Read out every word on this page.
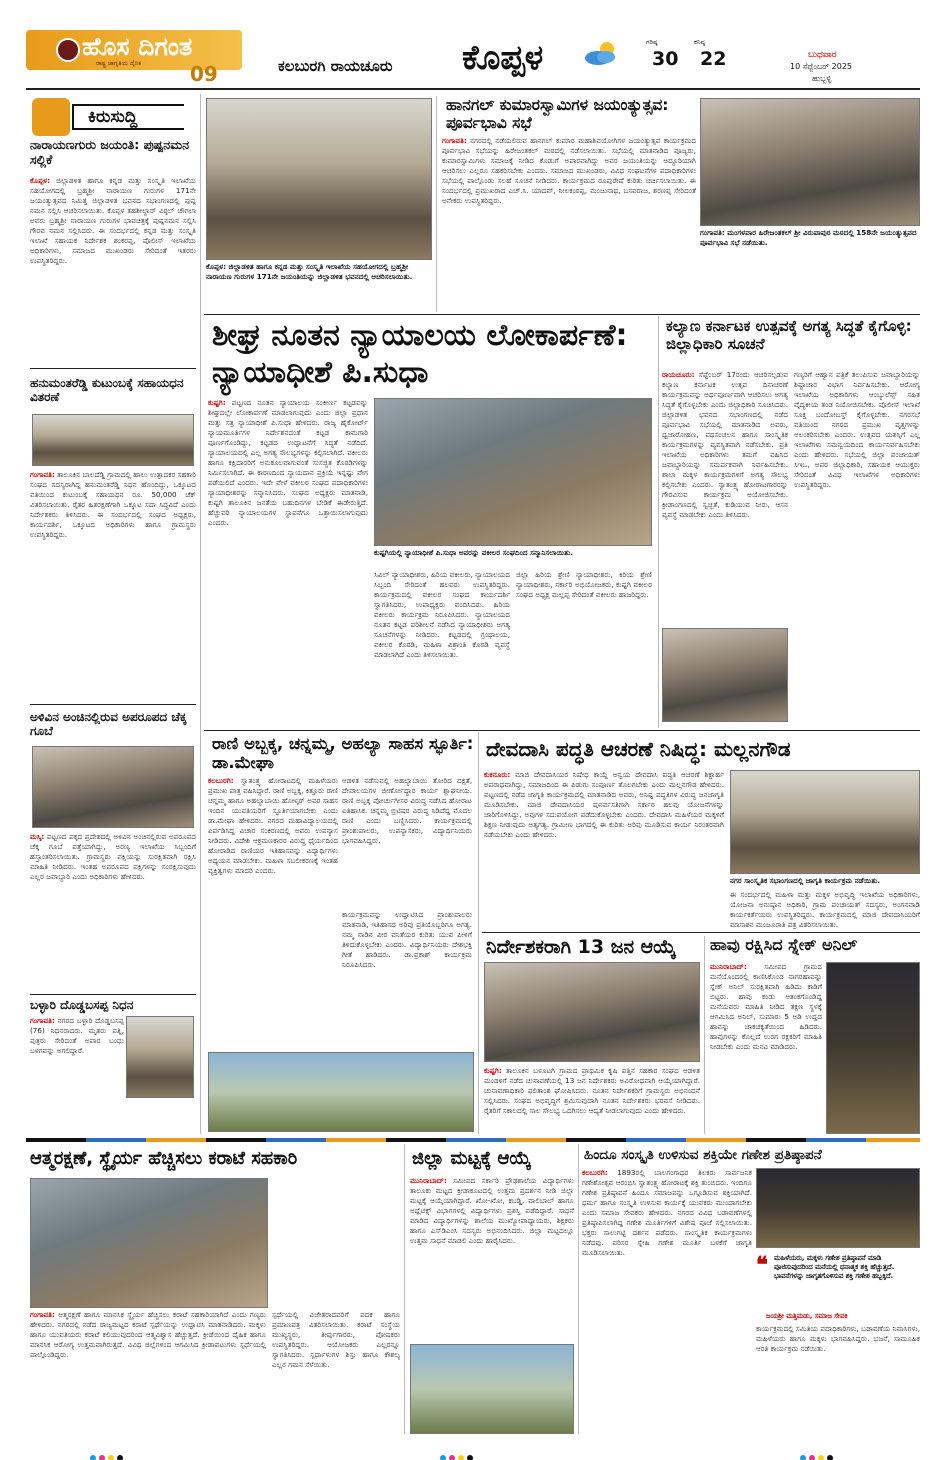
ಹೊಸ ದಿಗಂತ
ರಾಷ್ಟ್ರ ಜಾಗೃತಿಯ ದೈನಿಕ 09	ಕಲಬುರಗಿ ರಾಯಚೂರು ಕೊಪ್ಪಳ	ಗರಿಷ್ಠ
30
ಕನಿಷ್ಠ
22	ಬುಧವಾರ
10 ಸೆಪ್ಟೆಂಬರ್ 2025
ಹುಬ್ಬಳ್ಳಿ
ಕಿರುಸುದ್ದಿ
ನಾರಾಯಣಗುರು ಜಯಂತಿ: ಪುಷ್ಪನಮನ ಸಲ್ಲಿಕೆ
ಕೊಪ್ಪಳ: ಜಿಲ್ಲಾಡಳಿತ ಹಾಗೂ ಕನ್ನಡ ಮತ್ತು ಸಂಸ್ಕೃತಿ ಇಲಾಖೆಯ ಸಹಯೋಗದಲ್ಲಿ ಬ್ರಹ್ಮಶ್ರೀ ನಾರಾಯಣ ಗುರುಗಳ 171ನೇ ಜಯಂತ್ಯುತ್ಸವದ ನಿಮಿತ್ತ ಜಿಲ್ಲಾಡಳಿತ ಭವನದ ಸಭಾಂಗಣದಲ್ಲಿ ಪುಷ್ಪ ನಮನ ಸಲ್ಲಿಸಿ ಆಚರಿಸಲಾಯಿತು. ಕೊಪ್ಪಳ ತಹಶೀಲ್ದಾರ್ ವಿಠ್ಠಲ್ ಚೌಗಲಾ ಅವರು ಬ್ರಹ್ಮಶ್ರೀ ನಾರಾಯಣ ಗುರುಗಳ ಭಾವಚಿತ್ರಕ್ಕೆ ಪುಷ್ಪನಮನ ಸಲ್ಲಿಸಿ ಗೌರವ ನಮನ ಸಲ್ಲಿಸಿದರು. ಈ ಸಂದರ್ಭದಲ್ಲಿ ಕನ್ನಡ ಮತ್ತು ಸಂಸ್ಕೃತಿ ಇಲಾಖೆ ಸಹಾಯಕ ನಿರ್ದೇಶಕ ಶಂಕರಪ್ಪ, ಪೊಲೀಸ್ ಇಲಾಖೆಯ ಅಧಿಕಾರಿಗಳು, ಸಮಾಜದ ಮುಖಂಡರು ಸೇರಿದಂತೆ ಇತರರು ಉಪಸ್ಥಿತರಿದ್ದರು.
ಹನುಮಂತರೆಡ್ಡಿ ಕುಟುಂಬಕ್ಕೆ ಸಹಾಯಧನ ವಿತರಣೆ
ಗಂಗಾವತಿ: ತಾಲೂಕಿನ ಬಾಲದೆಡ್ಡಿ ಗ್ರಾಮದಲ್ಲಿ ಹಾಲು ಉತ್ಪಾದಕರ ಸಹಕಾರಿ ಸಂಘದ ಸದಸ್ಯರಾಗಿದ್ದ ಹನುಮಂತರೆಡ್ಡಿ ನಿಧನ ಹೊಂದಿದ್ದು, ಒಕ್ಕೂಟದ ವತಿಯಿಂದ ಕುಟುಂಬಕ್ಕೆ ಸಹಾಯಧನ ರೂ. 50,000 ಚೆಕ್ ವಿತರಿಸಲಾಯಿತು. ರೈತರ ಹಿತರಕ್ಷಣೆಗಾಗಿ ಒಕ್ಕೂಟ ಸದಾ ಸಿದ್ಧವಿದೆ ಎಂದು ನಿರ್ದೇಶಕರು ತಿಳಿಸಿದರು. ಈ ಸಂದರ್ಭದಲ್ಲಿ ಸಂಘದ ಅಧ್ಯಕ್ಷರು, ಕಾರ್ಯದರ್ಶಿ, ಒಕ್ಕೂಟದ ಅಧಿಕಾರಿಗಳು ಹಾಗೂ ಗ್ರಾಮಸ್ಥರು ಉಪಸ್ಥಿತರಿದ್ದರು.
ಅಳಿವಿನ ಅಂಚಿನಲ್ಲಿರುವ ಅಪರೂಪದ ಚೆಕ್ಕ ಗೂಬೆ
ಮಸ್ಕಿ: ಪಟ್ಟಣದ ಪಕ್ಕದ ಪ್ರದೇಶದಲ್ಲಿ ಅಳಿವಿನ ಅಂಚಿನಲ್ಲಿರುವ ಅಪರೂಪದ ಚೆಕ್ಕ ಗೂಬೆ ಪತ್ತೆಯಾಗಿದ್ದು, ಅರಣ್ಯ ಇಲಾಖೆಯ ಸಿಬ್ಬಂದಿಗೆ ಹಸ್ತಾಂತರಿಸಲಾಯಿತು. ಗ್ರಾಮಸ್ಥರು ಪಕ್ಷಿಯನ್ನು ಸುರಕ್ಷಿತವಾಗಿ ರಕ್ಷಿಸಿ ಮಾಹಿತಿ ನೀಡಿದರು. ಇಂತಹ ಅಪರೂಪದ ಪಕ್ಷಿಗಳನ್ನು ಸಂರಕ್ಷಿಸುವುದು ಎಲ್ಲರ ಜವಾಬ್ದಾರಿ ಎಂದು ಅಧಿಕಾರಿಗಳು ಹೇಳಿದರು.
ಬಳ್ಳಾರಿ ದೊಡ್ಡಬಸಪ್ಪ ನಿಧನ
ಗಂಗಾವತಿ: ನಗರದ ಬಳ್ಳಾರಿ ದೊಡ್ಡಬಸಪ್ಪ (76) ನಿಧನರಾದರು. ಮೃತರು ಪತ್ನಿ, ಪುತ್ರರು ಸೇರಿದಂತೆ ಅಪಾರ ಬಂಧು ಬಳಗವನ್ನು ಅಗಲಿದ್ದಾರೆ.
ಕೊಪ್ಪಳ: ಜಿಲ್ಲಾಡಳಿತ ಹಾಗೂ ಕನ್ನಡ ಮತ್ತು ಸಂಸ್ಕೃತಿ ಇಲಾಖೆಯ ಸಹಯೋಗದಲ್ಲಿ ಬ್ರಹ್ಮಶ್ರೀ ನಾರಾಯಣ ಗುರುಗಳ 171ನೇ ಜಯಂತಿಯನ್ನು ಜಿಲ್ಲಾಡಳಿತ ಭವನದಲ್ಲಿ ಆಚರಿಸಲಾಯಿತು.
ಹಾನಗಲ್ ಕುಮಾರಸ್ವಾಮಿಗಳ ಜಯಂತ್ಯುತ್ಸವ: ಪೂರ್ವಭಾವಿ ಸಭೆ
ಗಂಗಾವತಿ: ನಗರದಲ್ಲಿ ನಡೆಯಲಿರುವ ಹಾನಗಲ್ ಕುಮಾರ ಮಹಾಶಿವಯೋಗಿಗಳ ಜಯಂತ್ಯುತ್ಸವ ಕಾರ್ಯಕ್ರಮದ ಪೂರ್ವಭಾವಿ ಸಭೆಯನ್ನು ಹಿರೇಜಂತಕಲ್ ಮಠದಲ್ಲಿ ನಡೆಸಲಾಯಿತು. ಸಭೆಯಲ್ಲಿ ಮಾತನಾಡಿದ ಪೂಜ್ಯರು, ಕುಮಾರಸ್ವಾಮಿಗಳು ಸಮಾಜಕ್ಕೆ ನೀಡಿದ ಕೊಡುಗೆ ಅಪಾರವಾಗಿದ್ದು ಅವರ ಜಯಂತಿಯನ್ನು ಅದ್ದೂರಿಯಾಗಿ ಆಚರಿಸಲು ಎಲ್ಲರೂ ಸಹಕರಿಸಬೇಕು ಎಂದರು. ಸಮಾಜದ ಮುಖಂಡರು, ವಿವಿಧ ಸಂಘಟನೆಗಳ ಪದಾಧಿಕಾರಿಗಳು ಸಭೆಯಲ್ಲಿ ಪಾಲ್ಗೊಂಡು ಸಲಹೆ ಸೂಚನೆ ನೀಡಿದರು. ಕಾರ್ಯಕ್ರಮದ ರೂಪುರೇಷೆ ಕುರಿತು ಚರ್ಚಿಸಲಾಯಿತು. ಈ ಸಂದರ್ಭದಲ್ಲಿ ಪ್ರಮುಖರಾದ ಎಚ್.ಸಿ. ಯಾದವ್, ನೀಲಕಂಠಪ್ಪ, ಮಂಜುನಾಥ, ಬಸವರಾಜ, ಶರಣಪ್ಪ ಸೇರಿದಂತೆ ಅನೇಕರು ಉಪಸ್ಥಿತರಿದ್ದರು.
ಗಂಗಾವತಿ: ಮಂಗಳವಾರ ಹಿರೇಜಂತಕಲ್ ಶ್ರೀ ವಿರುಪಾಪುರ ಮಠದಲ್ಲಿ 158ನೇ ಜಯಂತ್ಯುತ್ಸವದ ಪೂರ್ವಭಾವಿ ಸಭೆ ನಡೆಯಿತು.
ಶೀಘ್ರ ನೂತನ ನ್ಯಾಯಾಲಯ ಲೋಕಾರ್ಪಣೆ: ನ್ಯಾಯಾಧೀಶೆ ಪಿ.ಸುಧಾ
ಕುಷ್ಟಗಿ: ಪಟ್ಟಣದ ನೂತನ ನ್ಯಾಯಾಲಯ ಸಂಕೀರ್ಣ ಕಟ್ಟಡವನ್ನು ಶೀಘ್ರದಲ್ಲೇ ಲೋಕಾರ್ಪಣೆ ಮಾಡಲಾಗುವುದು ಎಂದು ಜಿಲ್ಲಾ ಪ್ರಧಾನ ಮತ್ತು ಸತ್ರ ನ್ಯಾಯಾಧೀಶೆ ಪಿ.ಸುಧಾ ಹೇಳಿದರು. ರಾಜ್ಯ ಹೈಕೋರ್ಟ್ ನ್ಯಾಯಮೂರ್ತಿಗಳ ನಿರ್ದೇಶನದಂತೆ ಕಟ್ಟಡ ಕಾಮಗಾರಿ ಪೂರ್ಣಗೊಂಡಿದ್ದು, ಕಟ್ಟಡದ ಉದ್ಘಾಟನೆಗೆ ಸಿದ್ಧತೆ ನಡೆದಿದೆ. ನ್ಯಾಯಾಲಯದಲ್ಲಿ ಎಲ್ಲ ಅಗತ್ಯ ಸೌಲಭ್ಯಗಳನ್ನು ಕಲ್ಪಿಸಲಾಗಿದೆ. ವಕೀಲರು ಹಾಗೂ ಕಕ್ಷಿದಾರರಿಗೆ ಅನುಕೂಲವಾಗುವಂತೆ ಸುಸಜ್ಜಿತ ಕೊಠಡಿಗಳನ್ನು ನಿರ್ಮಿಸಲಾಗಿದೆ. ಈ ಕಾರಣದಿಂದ ನ್ಯಾಯದಾನ ಪ್ರಕ್ರಿಯೆ ಇನ್ನಷ್ಟು ವೇಗ ಪಡೆಯಲಿದೆ ಎಂದರು. ಇದೇ ವೇಳೆ ವಕೀಲರ ಸಂಘದ ಪದಾಧಿಕಾರಿಗಳು ನ್ಯಾಯಾಧೀಶರನ್ನು ಸನ್ಮಾನಿಸಿದರು. ಸಂಘದ ಅಧ್ಯಕ್ಷರು ಮಾತನಾಡಿ, ಕುಷ್ಟಗಿ ತಾಲೂಕಿನ ಜನತೆಯ ಬಹುದಿನಗಳ ಬೇಡಿಕೆ ಈಡೇರುತ್ತಿದೆ. ಹೆಚ್ಚುವರಿ ನ್ಯಾಯಾಲಯಗಳ ಸ್ಥಾಪನೆಗೂ ಒತ್ತಾಯಿಸಲಾಗುವುದು ಎಂದರು.
ಕುಷ್ಟಗಿಯಲ್ಲಿ ನ್ಯಾಯಾಧೀಶೆ ಪಿ.ಸುಧಾ ಅವರನ್ನು ವಕೀಲರ ಸಂಘದಿಂದ ಸನ್ಮಾನಿಸಲಾಯಿತು.
ಸಿವಿಲ್ ನ್ಯಾಯಾಧೀಶರು, ಹಿರಿಯ ವಕೀಲರು, ನ್ಯಾಯಾಲಯದ ಸಿಬ್ಬಂದಿ ಸೇರಿದಂತೆ ಹಲವರು ಉಪಸ್ಥಿತರಿದ್ದರು. ಕಾರ್ಯಕ್ರಮದಲ್ಲಿ ವಕೀಲರ ಸಂಘದ ಕಾರ್ಯದರ್ಶಿ ಸ್ವಾಗತಿಸಿದರು, ಉಪಾಧ್ಯಕ್ಷರು ವಂದಿಸಿದರು. ಹಿರಿಯ ವಕೀಲರು ಕಾರ್ಯಕ್ರಮ ನಿರೂಪಿಸಿದರು. ನ್ಯಾಯಾಲಯದ ನೂತನ ಕಟ್ಟಡ ಪರಿಶೀಲನೆ ನಡೆಸಿದ ನ್ಯಾಯಾಧೀಶರು ಅಗತ್ಯ ಸೂಚನೆಗಳನ್ನು ನೀಡಿದರು. ಕಟ್ಟಡದಲ್ಲಿ ಗ್ರಂಥಾಲಯ, ವಕೀಲರ ಕೊಠಡಿ, ಮಹಿಳಾ ವಿಶ್ರಾಂತಿ ಕೊಠಡಿ ವ್ಯವಸ್ಥೆ ಮಾಡಲಾಗಿದೆ ಎಂದು ತಿಳಿಸಲಾಯಿತು.
ಜಿಲ್ಲಾ ಹಿರಿಯ ಶ್ರೇಣಿ ನ್ಯಾಯಾಧೀಶರು, ಕಿರಿಯ ಶ್ರೇಣಿ ನ್ಯಾಯಾಧೀಶರು, ಸರ್ಕಾರಿ ಅಭಿಯೋಜಕರು, ಕುಷ್ಟಗಿ ವಕೀಲರ ಸಂಘದ ಅಧ್ಯಕ್ಷ ಮಲ್ಲಪ್ಪ ಸೇರಿದಂತೆ ವಕೀಲರು ಹಾಜರಿದ್ದರು.
ಕಲ್ಯಾಣ ಕರ್ನಾಟಕ ಉತ್ಸವಕ್ಕೆ ಅಗತ್ಯ ಸಿದ್ಧತೆ ಕೈಗೊಳ್ಳಿ: ಜಿಲ್ಲಾಧಿಕಾರಿ ಸೂಚನೆ
ರಾಯಚೂರು: ಸೆಪ್ಟೆಂಬರ್ 17ರಂದು ಆಚರಿಸಲ್ಪಡುವ ಕಲ್ಯಾಣ ಕರ್ನಾಟಕ ಉತ್ಸವ ದಿನಾಚರಣೆ ಕಾರ್ಯಕ್ರಮವನ್ನು ಅರ್ಥಪೂರ್ಣವಾಗಿ ಆಚರಿಸಲು ಅಗತ್ಯ ಸಿದ್ಧತೆ ಕೈಗೊಳ್ಳಬೇಕು ಎಂದು ಜಿಲ್ಲಾಧಿಕಾರಿ ಸೂಚಿಸಿದರು. ಜಿಲ್ಲಾಡಳಿತ ಭವನದ ಸಭಾಂಗಣದಲ್ಲಿ ನಡೆದ ಪೂರ್ವಭಾವಿ ಸಭೆಯಲ್ಲಿ ಮಾತನಾಡಿದ ಅವರು, ಧ್ವಜಾರೋಹಣ, ಪಥಸಂಚಲನ ಹಾಗೂ ಸಾಂಸ್ಕೃತಿಕ ಕಾರ್ಯಕ್ರಮಗಳನ್ನು ವ್ಯವಸ್ಥಿತವಾಗಿ ನಡೆಸಬೇಕು. ಪ್ರತಿ ಇಲಾಖೆಯ ಅಧಿಕಾರಿಗಳು ತಮಗೆ ವಹಿಸಿದ ಜವಾಬ್ದಾರಿಯನ್ನು ಸಮರ್ಪಕವಾಗಿ ನಿರ್ವಹಿಸಬೇಕು. ಶಾಲಾ ಮಕ್ಕಳ ಕಾರ್ಯಕ್ರಮಗಳಿಗೆ ಅಗತ್ಯ ಸೌಲಭ್ಯ ಕಲ್ಪಿಸಬೇಕು ಎಂದರು. ಸ್ವಾತಂತ್ರ್ಯ ಹೋರಾಟಗಾರರನ್ನು ಗೌರವಿಸುವ ಕಾರ್ಯಕ್ರಮ ಆಯೋಜಿಸಬೇಕು. ಕ್ರೀಡಾಂಗಣದಲ್ಲಿ ಸ್ವಚ್ಛತೆ, ಕುಡಿಯುವ ನೀರು, ಆಸನ ವ್ಯವಸ್ಥೆ ಮಾಡಬೇಕು ಎಂದು ತಿಳಿಸಿದರು.
ಗಣ್ಯರಿಗೆ ಆಹ್ವಾನ ಪತ್ರಿಕೆ ತಲುಪಿಸುವ ಜವಾಬ್ದಾರಿಯನ್ನು ಶಿಷ್ಟಾಚಾರ ವಿಭಾಗ ನಿರ್ವಹಿಸಬೇಕು. ಆರೋಗ್ಯ ಇಲಾಖೆಯ ಅಧಿಕಾರಿಗಳು ಆಂಬ್ಯುಲೆನ್ಸ್ ಸಹಿತ ವೈದ್ಯಕೀಯ ತಂಡ ನಿಯೋಜಿಸಬೇಕು. ಪೊಲೀಸ್ ಇಲಾಖೆ ಸೂಕ್ತ ಬಂದೋಬಸ್ತ್ ಕೈಗೊಳ್ಳಬೇಕು. ನಗರಸಭೆ ವತಿಯಿಂದ ನಗರದ ಪ್ರಮುಖ ವೃತ್ತಗಳನ್ನು ಅಲಂಕರಿಸಬೇಕು ಎಂದರು. ಉತ್ಸವದ ಯಶಸ್ಸಿಗೆ ಎಲ್ಲ ಇಲಾಖೆಗಳು ಸಮನ್ವಯದಿಂದ ಕಾರ್ಯನಿರ್ವಹಿಸಬೇಕು ಎಂದು ಹೇಳಿದರು. ಸಭೆಯಲ್ಲಿ ಜಿಲ್ಲಾ ಪಂಚಾಯತ್ ಸಿಇಒ, ಅಪರ ಜಿಲ್ಲಾಧಿಕಾರಿ, ಸಹಾಯಕ ಆಯುಕ್ತರು ಸೇರಿದಂತೆ ವಿವಿಧ ಇಲಾಖೆಗಳ ಅಧಿಕಾರಿಗಳು ಉಪಸ್ಥಿತರಿದ್ದರು.
ರಾಣಿ ಅಬ್ಬಕ್ಕ, ಚನ್ನಮ್ಮ, ಅಹಲ್ಯಾ ಸಾಹಸ ಸ್ಫೂರ್ತಿ: ಡಾ.ಮೇಘಾ
ಕಲಬುರಗಿ: ಸ್ವಾತಂತ್ರ್ಯ ಹೋರಾಟದಲ್ಲಿ ಮಹಿಳೆಯರು ಪ್ರಮುಖ ಪಾತ್ರ ವಹಿಸಿದ್ದಾರೆ. ರಾಣಿ ಅಬ್ಬಕ್ಕ, ಕಿತ್ತೂರು ರಾಣಿ ಚನ್ನಮ್ಮ ಹಾಗೂ ಅಹಲ್ಯಾಬಾಯಿ ಹೋಳ್ಕರ್ ಅವರ ಸಾಹಸ ಇಂದಿನ ಯುವತಿಯರಿಗೆ ಸ್ಫೂರ್ತಿಯಾಗಬೇಕು ಎಂದು ಡಾ.ಮೇಘಾ ಹೇಳಿದರು. ನಗರದ ಮಹಾವಿದ್ಯಾಲಯದಲ್ಲಿ ಏರ್ಪಡಿಸಿದ್ದ ವಿಚಾರ ಸಂಕಿರಣದಲ್ಲಿ ಅವರು ಉಪನ್ಯಾಸ ನೀಡಿದರು. ವಿದೇಶಿ ಆಕ್ರಮಣಕಾರರ ವಿರುದ್ಧ ಧೈರ್ಯದಿಂದ ಹೋರಾಡಿದ ರಾಣಿಯರ ಇತಿಹಾಸವನ್ನು ವಿದ್ಯಾರ್ಥಿಗಳು ಅಧ್ಯಯನ ಮಾಡಬೇಕು. ಮಹಿಳಾ ಸಬಲೀಕರಣಕ್ಕೆ ಇಂತಹ ವ್ಯಕ್ತಿತ್ವಗಳು ಮಾದರಿ ಎಂದರು.
ಆಡಳಿತ ನಡೆಸುವಲ್ಲಿ ಅಹಲ್ಯಾಬಾಯಿ ತೋರಿದ ದಕ್ಷತೆ, ದೇವಾಲಯಗಳ ಜೀರ್ಣೋದ್ಧಾರ ಕಾರ್ಯ ಶ್ಲಾಘನೀಯ. ರಾಣಿ ಅಬ್ಬಕ್ಕ ಪೋರ್ಚುಗೀಸರ ವಿರುದ್ಧ ನಡೆಸಿದ ಹೋರಾಟ ಐತಿಹಾಸಿಕ. ಚನ್ನಮ್ಮ ಬ್ರಿಟಿಷರ ವಿರುದ್ಧ ಸಿಡಿದೆದ್ದ ಮೊದಲ ರಾಣಿ ಎಂದು ಬಣ್ಣಿಸಿದರು. ಕಾರ್ಯಕ್ರಮದಲ್ಲಿ ಪ್ರಾಂಶುಪಾಲರು, ಉಪನ್ಯಾಸಕರು, ವಿದ್ಯಾರ್ಥಿನಿಯರು ಭಾಗವಹಿಸಿದ್ದರು.
ಕಾರ್ಯಕ್ರಮವನ್ನು ಉದ್ಘಾಟಿಸಿದ ಪ್ರಾಂಶುಪಾಲರು ಮಾತನಾಡಿ, ಇತಿಹಾಸದ ಅರಿವು ಪ್ರತಿಯೊಬ್ಬರಿಗೂ ಅಗತ್ಯ. ನಮ್ಮ ನಾಡಿನ ವೀರ ವನಿತೆಯರ ಕುರಿತು ಯುವ ಪೀಳಿಗೆ ತಿಳಿದುಕೊಳ್ಳಬೇಕು ಎಂದರು. ವಿದ್ಯಾರ್ಥಿನಿಯರು ದೇಶಭಕ್ತಿ ಗೀತೆ ಹಾಡಿದರು. ಡಾ.ಪ್ರಕಾಶ್ ಕಾರ್ಯಕ್ರಮ ನಿರೂಪಿಸಿದರು.
ದೇವದಾಸಿ ಪದ್ಧತಿ ಆಚರಣೆ ನಿಷಿದ್ಧ: ಮಲ್ಲನಗೌಡ
ಕುಕನೂರು: ಮಾಜಿ ದೇವದಾಸಿಯರ ನಿಷೇಧ ಕಾಯ್ದೆ ಅನ್ವಯ ದೇವದಾಸಿ ಪದ್ಧತಿ ಆಚರಣೆ ಶಿಕ್ಷಾರ್ಹ ಅಪರಾಧವಾಗಿದ್ದು, ಸಮಾಜದಿಂದ ಈ ಪಿಡುಗು ಸಂಪೂರ್ಣ ತೊಲಗಬೇಕು ಎಂದು ಮಲ್ಲನಗೌಡ ಹೇಳಿದರು. ಪಟ್ಟಣದಲ್ಲಿ ನಡೆದ ಜಾಗೃತಿ ಕಾರ್ಯಕ್ರಮದಲ್ಲಿ ಮಾತನಾಡಿದ ಅವರು, ಅನಿಷ್ಟ ಪದ್ಧತಿಗಳ ವಿರುದ್ಧ ಜನಜಾಗೃತಿ ಮೂಡಿಸಬೇಕು. ಮಾಜಿ ದೇವದಾಸಿಯರ ಪುನರ್ವಸತಿಗಾಗಿ ಸರ್ಕಾರ ಹಲವು ಯೋಜನೆಗಳನ್ನು ಜಾರಿಗೊಳಿಸಿದ್ದು, ಅವುಗಳ ಸದುಪಯೋಗ ಪಡೆದುಕೊಳ್ಳಬೇಕು ಎಂದರು. ದೇವದಾಸಿ ಮಹಿಳೆಯರ ಮಕ್ಕಳಿಗೆ ಶಿಕ್ಷಣ ನೀಡುವುದು ಅತ್ಯಗತ್ಯ. ಗ್ರಾಮೀಣ ಭಾಗದಲ್ಲಿ ಈ ಕುರಿತು ಅರಿವು ಮೂಡಿಸುವ ಕಾರ್ಯ ನಿರಂತರವಾಗಿ ನಡೆಯಬೇಕು ಎಂದು ಹೇಳಿದರು.
ನಗರ ಸಾಂಸ್ಕೃತಿಕ ಸಭಾಂಗಣದಲ್ಲಿ ಜಾಗೃತಿ ಕಾರ್ಯಕ್ರಮ ನಡೆಯಿತು.
ಈ ಸಂದರ್ಭದಲ್ಲಿ ಮಹಿಳಾ ಮತ್ತು ಮಕ್ಕಳ ಅಭಿವೃದ್ಧಿ ಇಲಾಖೆಯ ಅಧಿಕಾರಿಗಳು, ಯೋಜನಾ ಅನುಷ್ಠಾನ ಅಧಿಕಾರಿ, ಗ್ರಾಮ ಪಂಚಾಯತ್ ಸದಸ್ಯರು, ಅಂಗನವಾಡಿ ಕಾರ್ಯಕರ್ತೆಯರು ಉಪಸ್ಥಿತರಿದ್ದರು. ಕಾರ್ಯಕ್ರಮದಲ್ಲಿ ಮಾಜಿ ದೇವದಾಸಿಯರಿಗೆ ಮಾಸಾಶನ ಮಂಜೂರಾತಿ ಪತ್ರ ವಿತರಿಸಲಾಯಿತು.
ನಿರ್ದೇಶಕರಾಗಿ 13 ಜನ ಆಯ್ಕೆ
ಕುಷ್ಟಗಿ: ತಾಲೂಕಿನ ಬಳೂಟಗಿ ಗ್ರಾಮದ ಪ್ರಾಥಮಿಕ ಕೃಷಿ ಪತ್ತಿನ ಸಹಕಾರ ಸಂಘದ ಆಡಳಿತ ಮಂಡಳಿಗೆ ನಡೆದ ಚುನಾವಣೆಯಲ್ಲಿ 13 ಜನ ನಿರ್ದೇಶಕರು ಅವಿರೋಧವಾಗಿ ಆಯ್ಕೆಯಾಗಿದ್ದಾರೆ. ಚುನಾವಣಾಧಿಕಾರಿ ಫಲಿತಾಂಶ ಘೋಷಿಸಿದರು. ನೂತನ ನಿರ್ದೇಶಕರಿಗೆ ಗ್ರಾಮಸ್ಥರು ಅಭಿನಂದನೆ ಸಲ್ಲಿಸಿದರು. ಸಂಘದ ಅಭಿವೃದ್ಧಿಗೆ ಶ್ರಮಿಸುವುದಾಗಿ ನೂತನ ನಿರ್ದೇಶಕರು ಭರವಸೆ ನೀಡಿದರು. ರೈತರಿಗೆ ಸಕಾಲದಲ್ಲಿ ಸಾಲ ಸೌಲಭ್ಯ ಒದಗಿಸಲು ಆದ್ಯತೆ ನೀಡಲಾಗುವುದು ಎಂದು ಹೇಳಿದರು.
ಹಾವು ರಕ್ಷಿಸಿದ ಸ್ನೇಕ್ ಅನಿಲ್
ಮುನಿರಾಬಾದ್: ಸಮೀಪದ ಗ್ರಾಮದ ಮನೆಯೊಂದರಲ್ಲಿ ಕಾಣಿಸಿಕೊಂಡ ನಾಗರಹಾವನ್ನು ಸ್ನೇಕ್ ಅನಿಲ್ ಸುರಕ್ಷಿತವಾಗಿ ಹಿಡಿದು ಕಾಡಿಗೆ ಬಿಟ್ಟರು. ಹಾವು ಕಂಡು ಆತಂಕಗೊಂಡಿದ್ದ ಮನೆಯವರು ಮಾಹಿತಿ ನೀಡಿದ ತಕ್ಷಣ ಸ್ಥಳಕ್ಕೆ ಆಗಮಿಸಿದ ಅನಿಲ್, ಸುಮಾರು 5 ಅಡಿ ಉದ್ದದ ಹಾವನ್ನು ಚಾಕಚಕ್ಯತೆಯಿಂದ ಹಿಡಿದರು. ಹಾವುಗಳನ್ನು ಕೊಲ್ಲದೆ ಉರಗ ರಕ್ಷಕರಿಗೆ ಮಾಹಿತಿ ನೀಡಬೇಕು ಎಂದು ಮನವಿ ಮಾಡಿದರು.
ಆತ್ಮರಕ್ಷಣೆ, ಸ್ಥೈರ್ಯ ಹೆಚ್ಚಿಸಲು ಕರಾಟೆ ಸಹಕಾರಿ
ಗಂಗಾವತಿ: ಆತ್ಮರಕ್ಷಣೆ ಹಾಗೂ ಮಾನಸಿಕ ಸ್ಥೈರ್ಯ ಹೆಚ್ಚಿಸಲು ಕರಾಟೆ ಸಹಕಾರಿಯಾಗಿದೆ ಎಂದು ಗಣ್ಯರು ಹೇಳಿದರು. ನಗರದಲ್ಲಿ ನಡೆದ ರಾಜ್ಯಮಟ್ಟದ ಕರಾಟೆ ಸ್ಪರ್ಧೆಯನ್ನು ಉದ್ಘಾಟಿಸಿ ಮಾತನಾಡಿದರು. ಮಕ್ಕಳು ಹಾಗೂ ಯುವತಿಯರು ಕರಾಟೆ ಕಲಿಯುವುದರಿಂದ ಆತ್ಮವಿಶ್ವಾಸ ಹೆಚ್ಚುತ್ತದೆ. ಕ್ರೀಡೆಯಿಂದ ದೈಹಿಕ ಹಾಗೂ ಮಾನಸಿಕ ಆರೋಗ್ಯ ಉತ್ತಮವಾಗಿರುತ್ತದೆ. ವಿವಿಧ ಜಿಲ್ಲೆಗಳಿಂದ ಆಗಮಿಸಿದ ಕ್ರೀಡಾಪಟುಗಳು ಸ್ಪರ್ಧೆಯಲ್ಲಿ ಪಾಲ್ಗೊಂಡಿದ್ದರು.
ಸ್ಪರ್ಧೆಯಲ್ಲಿ ವಿಜೇತರಾದವರಿಗೆ ಪದಕ ಹಾಗೂ ಪ್ರಮಾಣಪತ್ರ ವಿತರಿಸಲಾಯಿತು. ಕರಾಟೆ ಸಂಸ್ಥೆಯ ಮುಖ್ಯಸ್ಥರು, ತೀರ್ಪುಗಾರರು, ಪೋಷಕರು ಉಪಸ್ಥಿತರಿದ್ದರು. ಆಯೋಜಕರು ಎಲ್ಲರನ್ನೂ ಸ್ವಾಗತಿಸಿದರು. ಸ್ಪರ್ಧಾಳುಗಳ ಶಿಸ್ತು ಹಾಗೂ ಕೌಶಲ್ಯ ಎಲ್ಲರ ಗಮನ ಸೆಳೆಯಿತು.
ಜಿಲ್ಲಾ ಮಟ್ಟಕ್ಕೆ ಆಯ್ಕೆ
ಮುನಿರಾಬಾದ್: ಸಮೀಪದ ಸರ್ಕಾರಿ ಪ್ರೌಢಶಾಲೆಯ ವಿದ್ಯಾರ್ಥಿಗಳು ತಾಲೂಕು ಮಟ್ಟದ ಕ್ರೀಡಾಕೂಟದಲ್ಲಿ ಉತ್ತಮ ಪ್ರದರ್ಶನ ನೀಡಿ ಜಿಲ್ಲಾ ಮಟ್ಟಕ್ಕೆ ಆಯ್ಕೆಯಾಗಿದ್ದಾರೆ. ಖೋ-ಖೋ, ಕಬಡ್ಡಿ, ವಾಲಿಬಾಲ್ ಹಾಗೂ ಅಥ್ಲೆಟಿಕ್ಸ್ ವಿಭಾಗಗಳಲ್ಲಿ ವಿದ್ಯಾರ್ಥಿಗಳು ಪ್ರಶಸ್ತಿ ಪಡೆದಿದ್ದಾರೆ. ಸಾಧನೆ ಮಾಡಿದ ವಿದ್ಯಾರ್ಥಿಗಳನ್ನು ಶಾಲೆಯ ಮುಖ್ಯೋಪಾಧ್ಯಾಯರು, ಶಿಕ್ಷಕರು ಹಾಗೂ ಎಸ್‌ಡಿಎಂಸಿ ಸದಸ್ಯರು ಅಭಿನಂದಿಸಿದರು. ಜಿಲ್ಲಾ ಮಟ್ಟದಲ್ಲೂ ಉತ್ತಮ ಸಾಧನೆ ಮಾಡಲಿ ಎಂದು ಹಾರೈಸಿದರು.
ಹಿಂದೂ ಸಂಸ್ಕೃತಿ ಉಳಿಸುವ ಶಕ್ತಿಯೇ ಗಣೇಶ ಪ್ರತಿಷ್ಠಾಪನೆ
ಕಲಬುರಗಿ: 1893ರಲ್ಲಿ ಬಾಲಗಂಗಾಧರ ತಿಲಕರು ಸಾರ್ವಜನಿಕ ಗಣೇಶೋತ್ಸವ ಆರಂಭಿಸಿ ಸ್ವಾತಂತ್ರ್ಯ ಹೋರಾಟಕ್ಕೆ ಶಕ್ತಿ ತುಂಬಿದರು. ಇಂದಿಗೂ ಗಣೇಶ ಪ್ರತಿಷ್ಠಾಪನೆ ಹಿಂದೂ ಸಮಾಜವನ್ನು ಒಗ್ಗೂಡಿಸುವ ಶಕ್ತಿಯಾಗಿದೆ. ಧರ್ಮ ಹಾಗೂ ಸಂಸ್ಕೃತಿ ಉಳಿಸುವ ಕಾರ್ಯಕ್ಕೆ ಯುವಕರು ಮುಂದಾಗಬೇಕು ಎಂದು ಸಮಾಜ ಸೇವಕರು ಹೇಳಿದರು. ನಗರದ ವಿವಿಧ ಬಡಾವಣೆಗಳಲ್ಲಿ ಪ್ರತಿಷ್ಠಾಪಿಸಲಾಗಿದ್ದ ಗಣೇಶ ಮೂರ್ತಿಗಳಿಗೆ ವಿಶೇಷ ಪೂಜೆ ಸಲ್ಲಿಸಲಾಯಿತು. ಭಕ್ತರು ಸಾಲುಗಟ್ಟಿ ದರ್ಶನ ಪಡೆದರು. ಸಾಂಸ್ಕೃತಿಕ ಕಾರ್ಯಕ್ರಮಗಳು ನಡೆದವು. ಪರಿಸರ ಸ್ನೇಹಿ ಗಣೇಶ ಮೂರ್ತಿ ಬಳಕೆಗೆ ಜಾಗೃತಿ ಮೂಡಿಸಲಾಯಿತು.	❝ ಮಹಿಳೆಯರು, ಮಕ್ಕಳು ಗಣೇಶ ಪ್ರತಿಷ್ಠಾಪನೆ ಮಾಡಿ ಪೂಜಿಸುವುದರಿಂದ ಮನೆಯಲ್ಲಿ ಧನಾತ್ಮಕ ಶಕ್ತಿ ಹೆಚ್ಚುತ್ತದೆ. ಭಾವನೆಗಳನ್ನು ಜಾಗೃತಗೊಳಿಸುವ ಶಕ್ತಿ ಗಣೇಶ ಹಬ್ಬಕ್ಕಿದೆ.
ಜಯಶ್ರೀ ಮತ್ತಿಮಡು, ಸಮಾಜ ಸೇವಕಿ
ಕಾರ್ಯಕ್ರಮದಲ್ಲಿ ಸಮಿತಿಯ ಪದಾಧಿಕಾರಿಗಳು, ಬಡಾವಣೆಯ ನಿವಾಸಿಗಳು, ಮಹಿಳೆಯರು ಹಾಗೂ ಮಕ್ಕಳು ಭಾಗವಹಿಸಿದ್ದರು. ಭಜನೆ, ಸಾಮೂಹಿಕ ಆರತಿ ಕಾರ್ಯಕ್ರಮ ನಡೆಯಿತು.
